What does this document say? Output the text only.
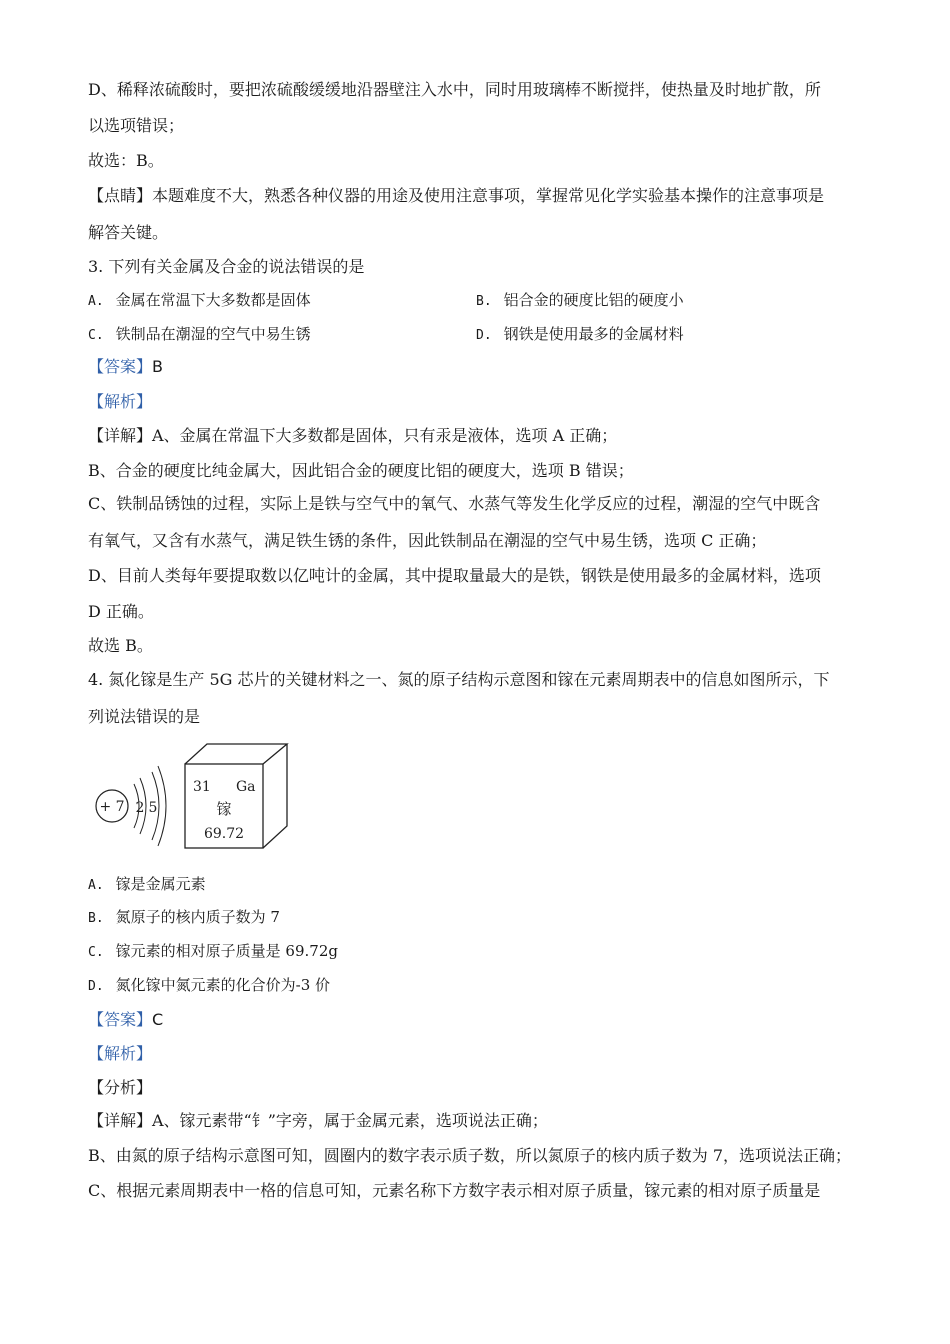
D、稀释浓硫酸时，要把浓硫酸缓缓地沿器壁注入水中，同时用玻璃棒不断搅拌，使热量及时地扩散，所
以选项错误；
故选：B。
【点睛】本题难度不大，熟悉各种仪器的用途及使用注意事项，掌握常见化学实验基本操作的注意事项是
解答关键。
3. 下列有关金属及合金的说法错误的是
A. 金属在常温下大多数都是固体	B. 铝合金的硬度比铝的硬度小
C. 铁制品在潮湿的空气中易生锈	D. 钢铁是使用最多的金属材料
【答案】B
【解析】
【详解】A、金属在常温下大多数都是固体，只有汞是液体，选项 A 正确；
B、合金的硬度比纯金属大，因此铝合金的硬度比铝的硬度大，选项 B 错误；
C、铁制品锈蚀的过程，实际上是铁与空气中的氧气、水蒸气等发生化学反应的过程，潮湿的空气中既含
有氧气，又含有水蒸气，满足铁生锈的条件，因此铁制品在潮湿的空气中易生锈，选项 C 正确；
D、目前人类每年要提取数以亿吨计的金属，其中提取量最大的是铁，钢铁是使用最多的金属材料，选项
D 正确。
故选 B。
4. 氮化镓是生产 5G 芯片的关键材料之一、氮的原子结构示意图和镓在元素周期表中的信息如图所示，下
列说法错误的是
+ 7 2 5
31 Ga
镓
69.72
A. 镓是金属元素
B. 氮原子的核内质子数为 7
C. 镓元素的相对原子质量是 69.72g
D. 氮化镓中氮元素的化合价为-3 价
【答案】C
【解析】
【分析】
【详解】A、镓元素带“钅”字旁，属于金属元素，选项说法正确；
B、由氮的原子结构示意图可知，圆圈内的数字表示质子数，所以氮原子的核内质子数为 7，选项说法正确；
C、根据元素周期表中一格的信息可知，元素名称下方数字表示相对原子质量，镓元素的相对原子质量是
